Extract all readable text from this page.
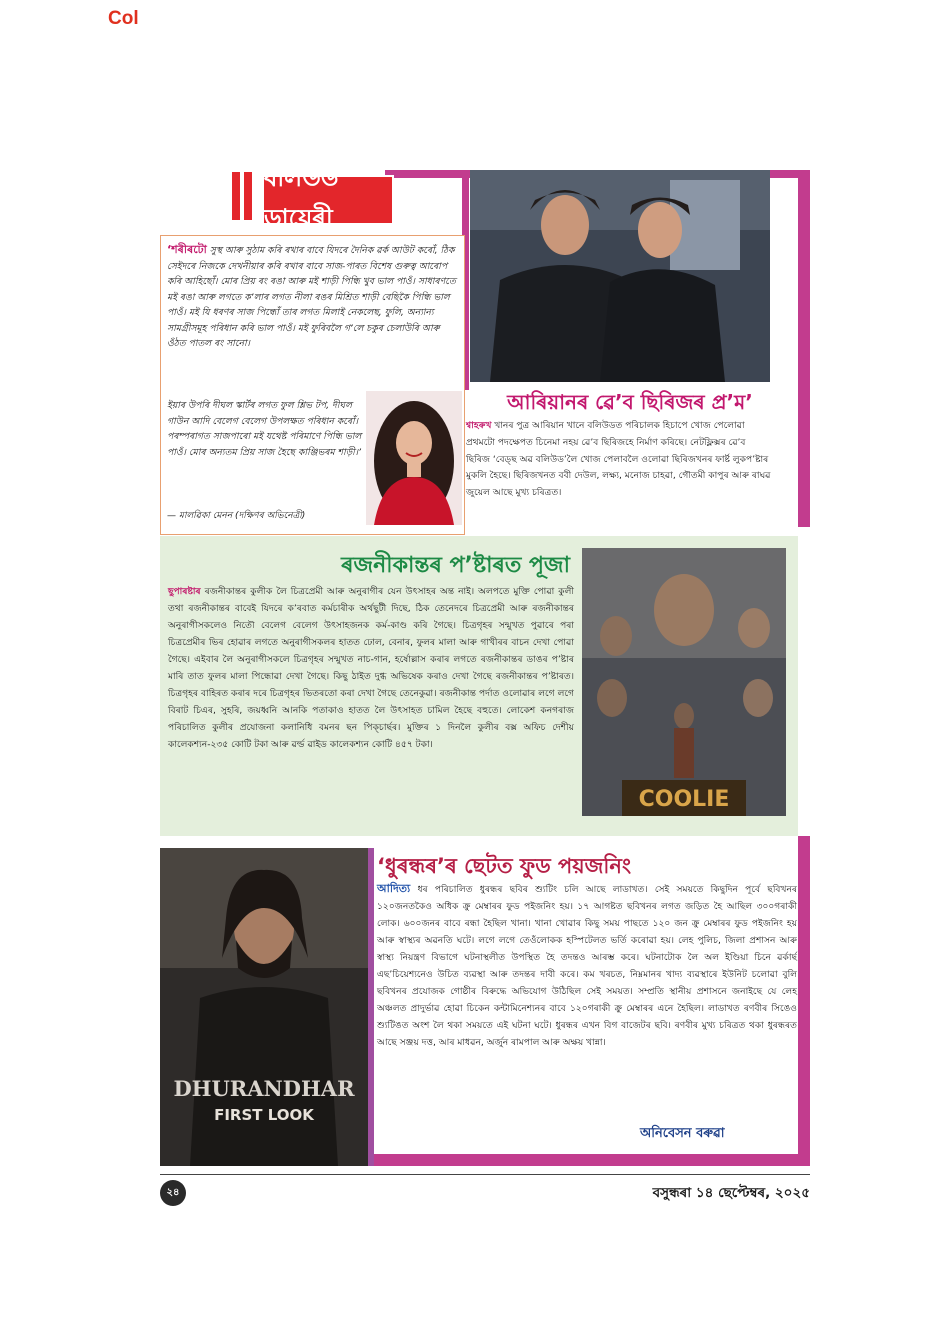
Col
বলিউড ডায়েৰী

‘শৰীৰটো সুস্থ আৰু সুঠাম কৰি ৰখাৰ বাবে যিদৰে দৈনিক ৱৰ্ক আউট কৰোঁ, ঠিক সেইদৰে নিজকে দেখনীয়াৰ কৰি ৰখাৰ বাবে সাজ-পাৰত বিশেষ গুৰুত্ব আৰোপ কৰি আহিছোঁ। মোৰ প্ৰিয় ৰং ৰঙা আৰু মই শাড়ী পিন্ধি খুব ভাল পাওঁ। সাধাৰণতে মই ৰঙা আৰু লগতে ক’লাৰ লগত নীলা ৰঙৰ মিশ্ৰিত শাড়ী বেছিকৈ পিন্ধি ভাল পাওঁ। মই যি ধৰণৰ সাজ পিন্ধোঁ তাৰ লগত মিলাই নেকলেছ, ফুলি, অন্যান্য সামগ্ৰীসমূহ পৰিধান কৰি ভাল পাওঁ। মই ফুৰিবলৈ গ’লে চকুৰ চেলাউৰি আৰু ওঁঠত পাতল ৰং সানো।

ইয়াৰ উপৰি দীঘল স্কাৰ্টৰ লগত ফুল শ্লিভ টপ, দীঘল গাউন আদি বেলেগ বেলেগ উপলক্ষত পৰিধান কৰোঁ। পৰম্পৰাগত সাজপাৰো মই যথেষ্ট পৰিমাণে পিন্ধি ভাল পাওঁ। মোৰ অন্যতম প্ৰিয় সাজ হৈছে কাঞ্জিভৰম শাড়ী।’

— মালৱিকা মেনন (দক্ষিণৰ অভিনেত্ৰী)
আৰিয়ানৰ ৱে’ব ছিৰিজৰ প্ৰ’ম’
শ্বাহৰুখ খানৰ পুত্ৰ আৰিয়ান খানে বলিউডত পৰিচালক হিচাপে খোজ পেলোৱা প্ৰথমটো পদক্ষেপত চিনেমা নহয় ৱে’ব ছিৰিজহে নিৰ্মাণ কৰিছে। নেটফ্লিক্সৰ ৱে’ব ছিৰিজ ‘বেড্‌ছ অৱ বলিউড’লৈ খোজ পেলাবলৈ ওলোৱা ছিৰিজখনৰ ফাৰ্ষ্ট লুকপ’ষ্টাৰ মুকলি হৈছে। ছিৰিজখনত ববী দেউল, লক্ষ্য, মনোজ চাহৱা, গৌতমী কাপুৰ আৰু ৰাঘৱ জুয়েল আছে মুখ্য চৰিত্ৰত।
ৰজনীকান্তৰ প’ষ্টাৰত পূজা
ছুপাৰষ্টাৰ ৰজনীকান্তৰ কুলীক লৈ চিত্ৰপ্ৰেমী আৰু অনুৰাগীৰ যেন উৎসাহৰ অন্ত নাই। অলপতে মুক্তি পোৱা কুলী তথা ৰজনীকান্তৰ বাবেই যিদৰে ক’ৰবাত কৰ্মচাৰীক অৰ্থছুটী দিছে, ঠিক তেনেদৰে চিত্ৰপ্ৰেমী আৰু ৰজনীকান্তৰ অনুৰাগীসকলেও নিতৌ বেলেগ বেলেগ উৎসাহজনক কৰ্ম-কাণ্ড কৰি গৈছে। চিত্ৰগৃহৰ সন্মুখত পুৱাৰে পৰা চিত্ৰপ্ৰেমীৰ ভিৰ হোৱাৰ লগতে অনুৰাগীসকলৰ হাতত ঢোল, বেনাৰ, ফুলৰ মালা আৰু গাখীৰৰ বাচন দেখা পোৱা গৈছে। এইবাৰ লৈ অনুৰাগীসকলে চিত্ৰগৃহৰ সন্মুখত নাচ-গান, হৰ্ষোল্লাস কৰাৰ লগতে ৰজনীকান্তৰ ডাঙৰ প’ষ্টাৰ মাৰি তাত ফুলৰ মালা পিন্ধোৱা দেখা গৈছে। কিছু ঠাইত দুগ্ধ অভিষেক কৰাও দেখা গৈছে ৰজনীকান্তৰ প’ষ্টাৰত। চিত্ৰগৃহৰ বাহিৰত কৰাৰ দৰে চিত্ৰগৃহৰ ভিতৰতো কৰা দেখা গৈছে তেনেকুৱা। ৰজনীকান্ত পৰ্দাত ওলোৱাৰ লগে লগে বিৰাট চিএৰ, সুহৰি, জয়ধ্বনি আনকি পতাকাও হাতত লৈ উৎসাহত চামিল হৈছে বহুতে। লোকেশ কনগৰাজ পৰিচালিত কুলীৰ প্ৰযোজনা কলানিধি বমনৰ ছন পিক্‌চাৰ্ছৰ। মুক্তিৰ ১ দিনলৈ কুলীৰ বক্স অফিচ দেশীয় কালেকশ্যন-২৩৫ কোটি টকা আৰু ৱৰ্ল্ড ৱাইড কালেকশ্যন কোটি ৪৫৭ টকা।
COOLIE
DHURANDHAR
FIRST LOOK
‘ধুৰন্ধৰ’ৰ ছেটত ফুড পয়জনিং
আদিত্য ধৰ পৰিচালিত ধুৰন্ধৰ ছবিৰ শ্যুটিং চলি আছে লাডাখত। সেই সময়তে কিছুদিন পূৰ্বে ছবিখনৰ ১২০জনতকৈও অধিক ক্ৰু মেম্বাৰৰ ফুড পইজনিং হয়। ১৭ আগষ্টত ছবিখনৰ লগত জড়িত হৈ আছিল ৩০০গৰাকী লোক। ৬০০জনৰ বাবে ৰন্ধা হৈছিল খানা। খানা খোৱাৰ কিছু সময় পাছতে ১২০ জন ক্ৰু মেম্বাৰৰ ফুড পইজনিং হয় আৰু স্বাস্থ্যৰ অৱনতি ঘটে। লগে লগে তেওঁলোকক হস্পিটেলত ভৰ্তি কৰোৱা হয়। লেহ পুলিচ, জিলা প্ৰশাসন আৰু স্বাস্থ্য নিয়ন্ত্ৰণ বিভাগে ঘটনাস্থলীত উপস্থিত হৈ তদন্তও আৰম্ভ কৰে। ঘটনাটোক লৈ অল ইণ্ডিয়া চিনে ৱৰ্কাৰ্ছ এছ’চিয়েশ্যনেও উচিত ব্যৱস্থা আৰু তদন্তৰ দাবী কৰে। কম খৰচত, নিম্নমানৰ খাদ্য ব্যৱস্থাৰে ইউনিট চলোৱা বুলি ছবিখনৰ প্ৰযোজক গোষ্ঠীৰ বিৰুদ্ধে অভিযোগ উঠিছিল সেই সময়ত। সম্প্ৰতি স্থানীয় প্ৰশাসনে জনাইছে যে লেহ অঞ্চলত প্ৰাদুৰ্ভাৱ হোৱা চিকেন কন্টামিনেশ্যনৰ বাবে ১২০গৰাকী ক্ৰু মেম্বাৰৰ এনে হৈছিল। লাডাখত ৰণবীৰ সিঙেও শ্যুটিঙত অংশ লৈ থকা সময়তে এই ঘটনা ঘটে। ধুৰন্ধৰ এখন বিগ বাজেটৰ ছবি। ৰণবীৰ মুখ্য চৰিত্ৰত থকা ধুৰন্ধৰত আছে সঞ্জয় দত্ত, আৰ মাধৱন, অৰ্জুন ৰামপাল আৰু অক্ষয় খান্না।
অনিবেসন বৰুৱা
২৪	বসুন্ধৰা ১৪ ছেপ্টেম্বৰ, ২০২৫
